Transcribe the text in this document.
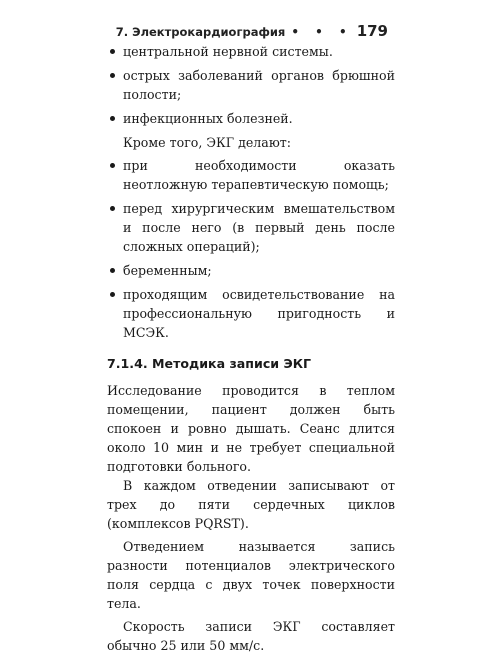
7. Электрокардиография • • • 179
центральной нервной системы.
острых заболеваний органов брюшной полости;
инфекционных болезней.

Кроме того, ЭКГ делают:

при необходимости оказать неотложную терапевтическую помощь;
перед хирургическим вмешательством и после него (в первый день после сложных операций);
беременным;
проходящим освидетельствование на профессиональную пригодность и МСЭК.
7.1.4. Методика записи ЭКГ

Исследование проводится в теплом помещении, пациент должен быть спокоен и ровно дышать. Сеанс длится около 10 мин и не требует специальной подготовки больного.

В каждом отведении записывают от трех до пяти сердечных циклов (комплексов PQRST).

Отведением называется запись разности потенциалов электрического поля сердца с двух точек поверхности тела.

Скорость записи ЭКГ составляет обычно 25 или 50 мм/с.
